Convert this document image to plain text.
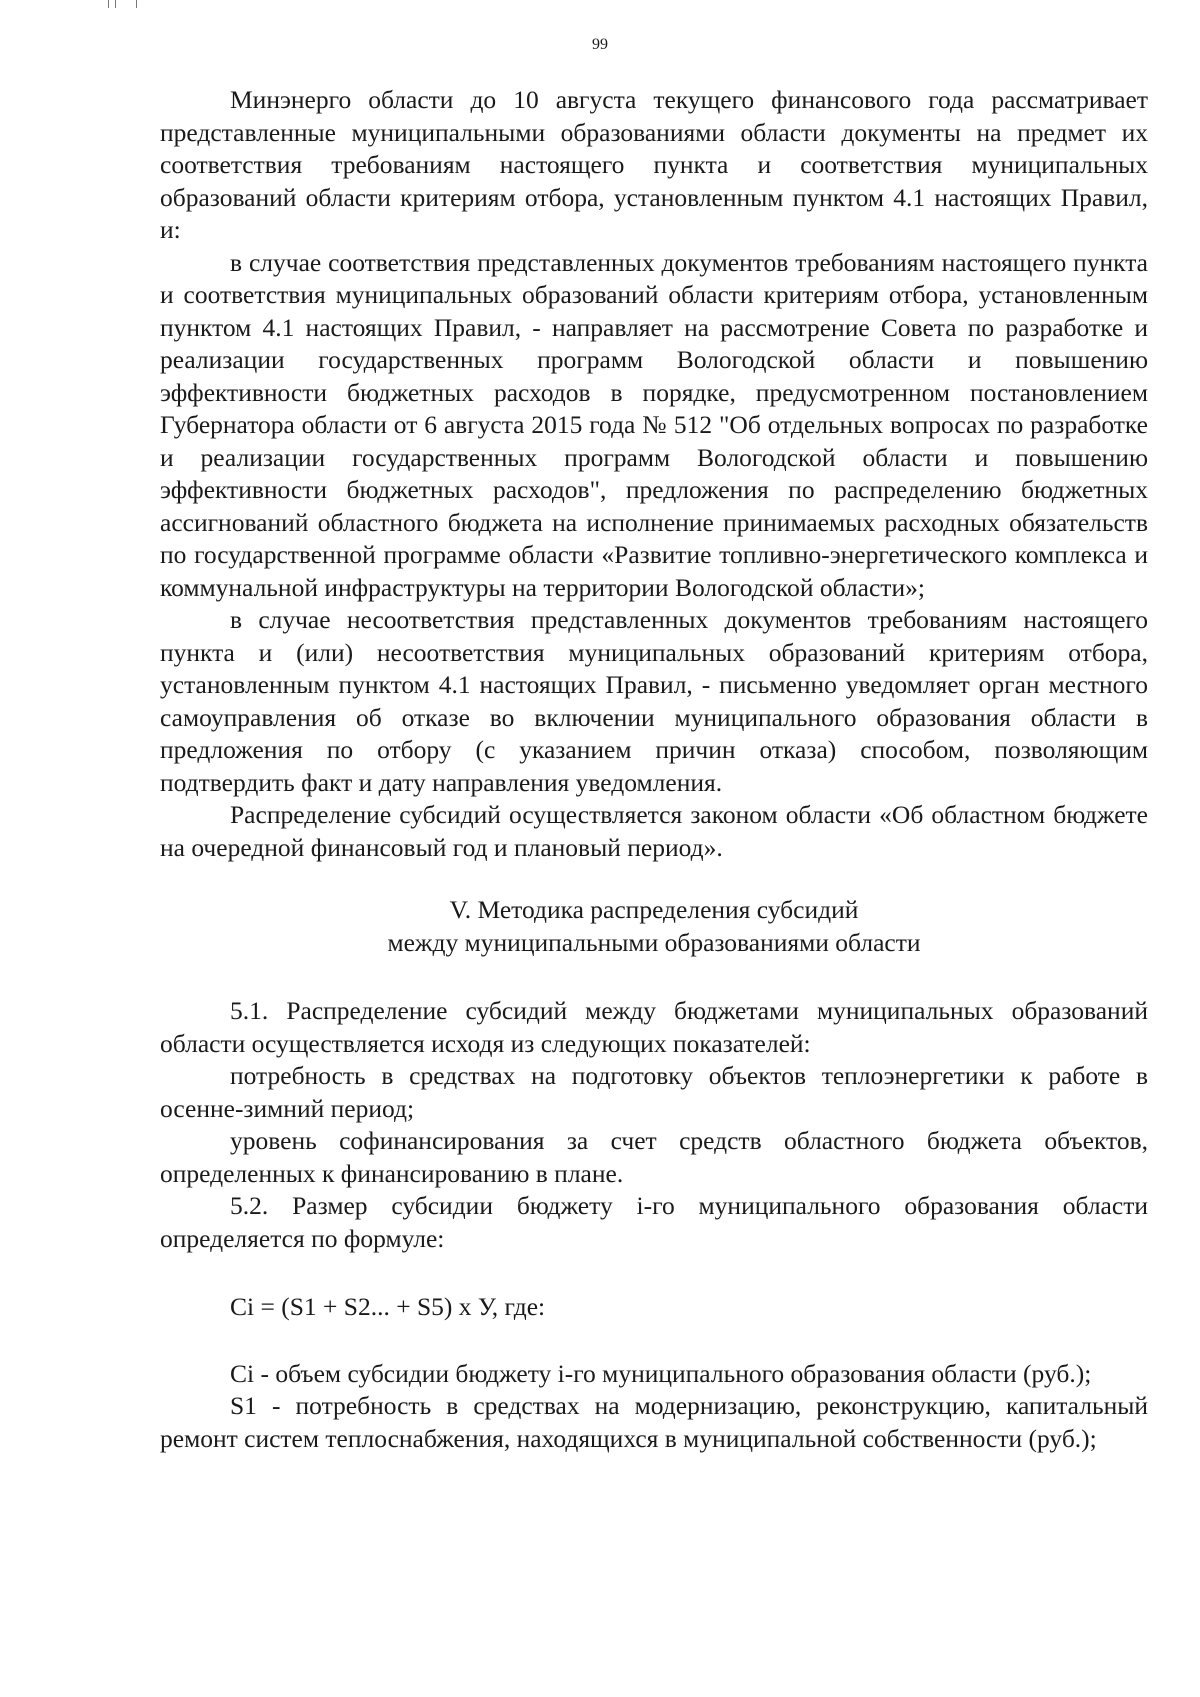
99

Минэнерго области до 10 августа текущего финансового года рассматривает представленные муниципальными образованиями области документы на предмет их соответствия требованиям настоящего пункта и соответствия муниципальных образований области критериям отбора, установленным пунктом 4.1 настоящих Правил, и:

в случае соответствия представленных документов требованиям настоящего пункта и соответствия муниципальных образований области критериям отбора, установленным пунктом 4.1 настоящих Правил, - направляет на рассмотрение Совета по разработке и реализации государственных программ Вологодской области и повышению эффективности бюджетных расходов в порядке, предусмотренном постановлением Губернатора области от 6 августа 2015 года № 512 "Об отдельных вопросах по разработке и реализации государственных программ Вологодской области и повышению эффективности бюджетных расходов", предложения по распределению бюджетных ассигнований областного бюджета на исполнение принимаемых расходных обязательств по государственной программе области «Развитие топливно-энергетического комплекса и коммунальной инфраструктуры на территории Вологодской области»;

в случае несоответствия представленных документов требованиям настоящего пункта и (или) несоответствия муниципальных образований критериям отбора, установленным пунктом 4.1 настоящих Правил, - письменно уведомляет орган местного самоуправления об отказе во включении муниципального образования области в предложения по отбору (с указанием причин отказа) способом, позволяющим подтвердить факт и дату направления уведомления.

Распределение субсидий осуществляется законом области «Об областном бюджете на очередной финансовый год и плановый период».

V. Методика распределения субсидий
между муниципальными образованиями области

5.1. Распределение субсидий между бюджетами муниципальных образований области осуществляется исходя из следующих показателей:

потребность в средствах на подготовку объектов теплоэнергетики к работе в осенне-зимний период;

уровень софинансирования за счет средств областного бюджета объектов, определенных к финансированию в плане.

5.2. Размер субсидии бюджету i-го муниципального образования области определяется по формуле:

Ci = (S1 + S2... + S5) х У, где:

Ci - объем субсидии бюджету i-го муниципального образования области (руб.);

S1 - потребность в средствах на модернизацию, реконструкцию, капитальный ремонт систем теплоснабжения, находящихся в муниципальной собственности (руб.);
